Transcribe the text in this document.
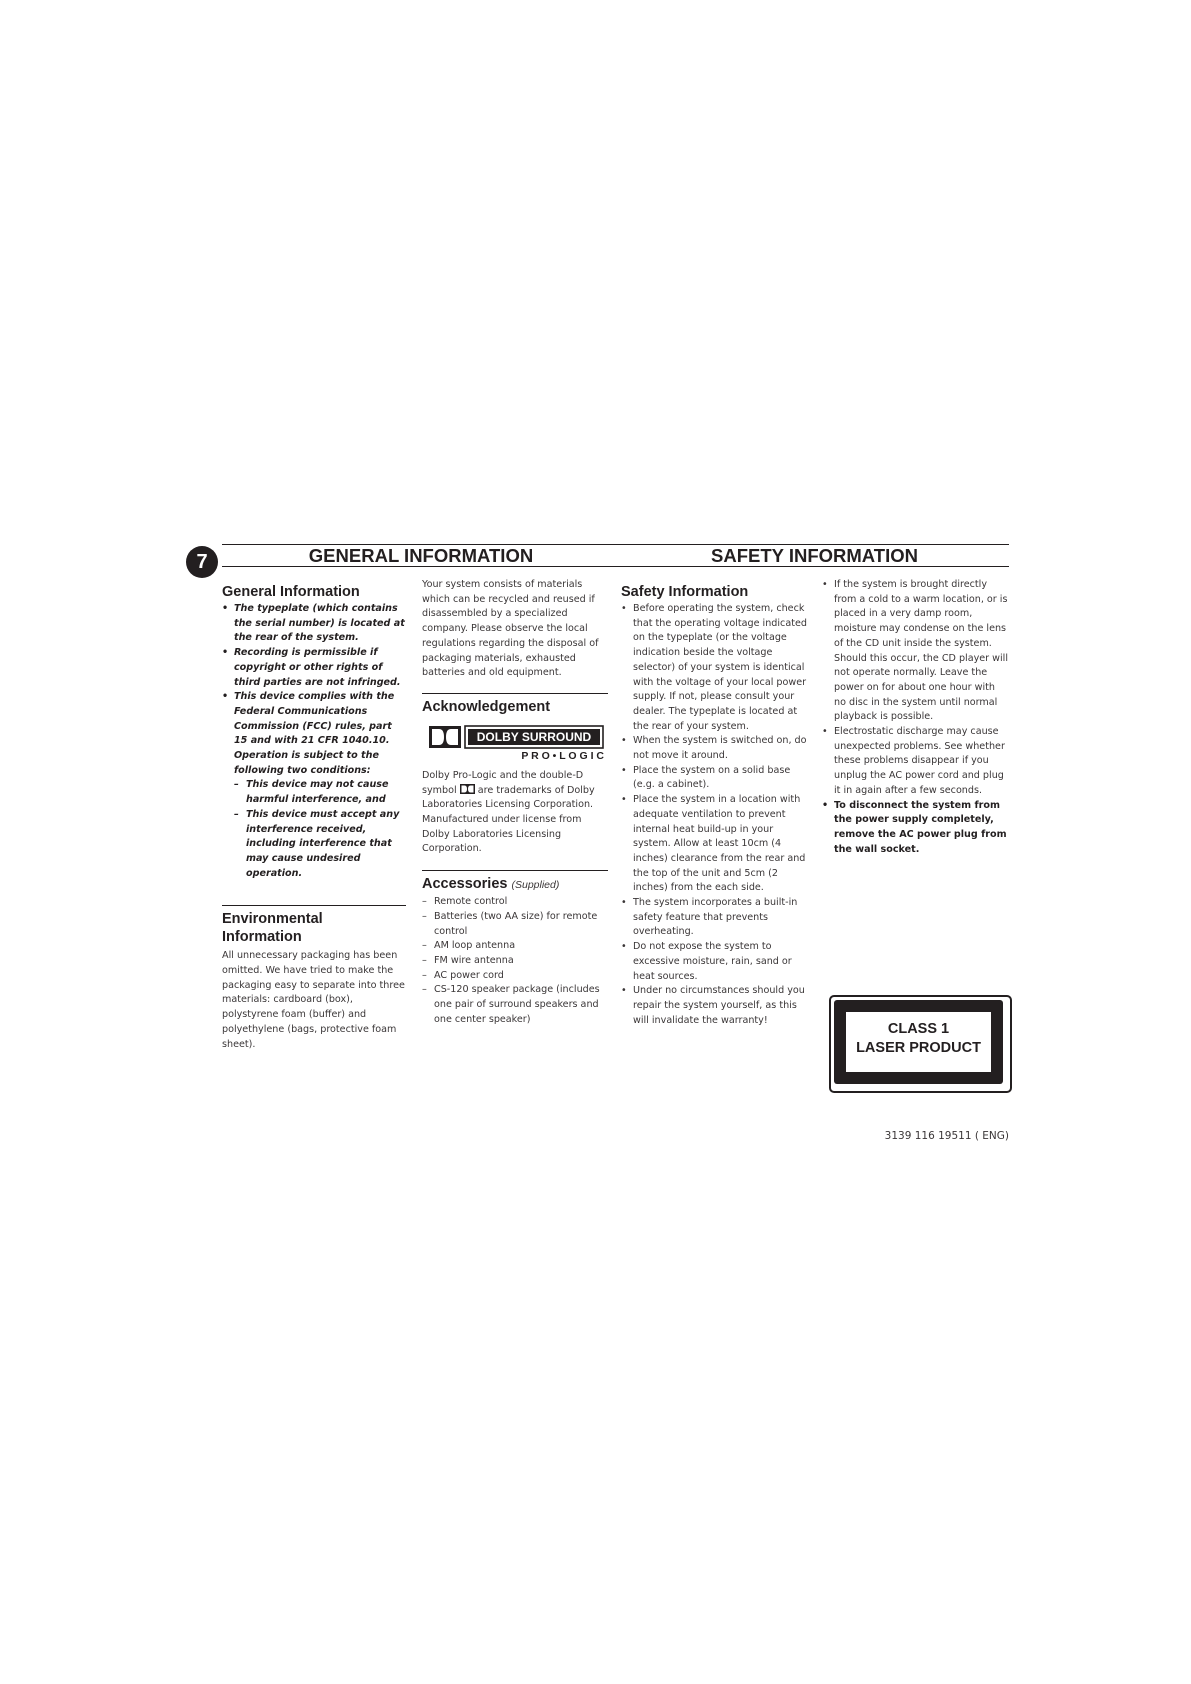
7	GENERAL INFORMATION	SAFETY INFORMATION
General Information
• The typeplate (which contains the serial number) is located at the rear of the system.
• Recording is permissible if copyright or other rights of third parties are not infringed.
• This device complies with the Federal Communications Commission (FCC) rules, part 15 and with 21 CFR 1040.10. Operation is subject to the following two conditions:
– This device may not cause harmful interference, and
– This device must accept any interference received, including interference that may cause undesired operation.
Environmental Information

All unnecessary packaging has been omitted. We have tried to make the packaging easy to separate into three materials: cardboard (box), polystyrene foam (buffer) and polyethylene (bags, protective foam sheet).

Your system consists of materials which can be recycled and reused if disassembled by a specialized company. Please observe the local regulations regarding the disposal of packaging materials, exhausted batteries and old equipment.

Acknowledgement
DOLBY SURROUND
P R O • L O G I C

Dolby Pro-Logic and the double-D symbol are trademarks of Dolby Laboratories Licensing Corporation. Manufactured under license from Dolby Laboratories Licensing Corporation.

Accessories (Supplied)
– Remote control
– Batteries (two AA size) for remote control
– AM loop antenna
– FM wire antenna
– AC power cord
– CS-120 speaker package (includes one pair of surround speakers and one center speaker)
Safety Information
• Before operating the system, check that the operating voltage indicated on the typeplate (or the voltage indication beside the voltage selector) of your system is identical with the voltage of your local power supply. If not, please consult your dealer. The typeplate is located at the rear of your system.
• When the system is switched on, do not move it around.
• Place the system on a solid base (e.g. a cabinet).
• Place the system in a location with adequate ventilation to prevent internal heat build-up in your system. Allow at least 10cm (4 inches) clearance from the rear and the top of the unit and 5cm (2 inches) from the each side.
• The system incorporates a built-in safety feature that prevents overheating.
• Do not expose the system to excessive moisture, rain, sand or heat sources.
• Under no circumstances should you repair the system yourself, as this will invalidate the warranty!
• If the system is brought directly from a cold to a warm location, or is placed in a very damp room, moisture may condense on the lens of the CD unit inside the system. Should this occur, the CD player will not operate normally. Leave the power on for about one hour with no disc in the system until normal playback is possible.
• Electrostatic discharge may cause unexpected problems. See whether these problems disappear if you unplug the AC power cord and plug it in again after a few seconds.
• To disconnect the system from the power supply completely, remove the AC power plug from the wall socket.
CLASS 1
LASER PRODUCT
3139 116 19511 ( ENG)
